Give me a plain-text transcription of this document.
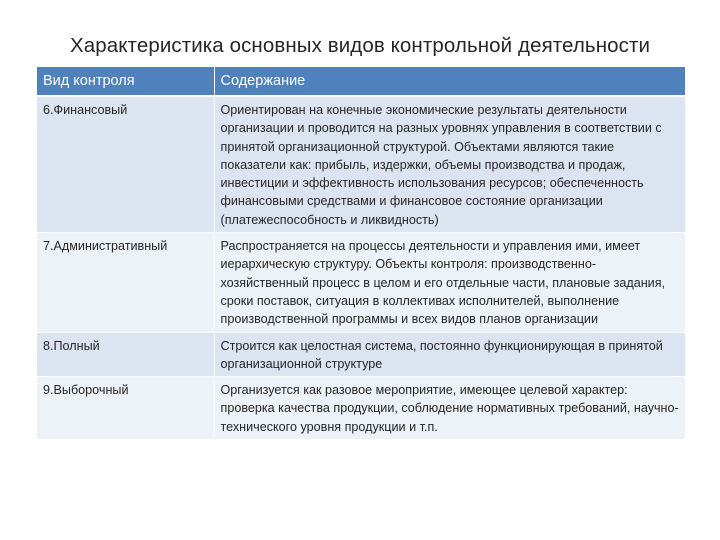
Характеристика основных видов контрольной деятельности
Вид контроля	Содержание
6.Финансовый	Ориентирован на конечные экономические результаты деятельности организации и проводится на разных уровнях управления в соответствии с принятой организационной структурой. Объектами являются такие показатели как: прибыль, издержки, объемы производства и продаж, инвестиции и эффективность использования ресурсов; обеспеченность финансовыми средствами и финансовое состояние организации (платежеспособность и ликвидность)
7.Административный	Распространяется на процессы деятельности и управления ими, имеет иерархическую структуру. Объекты контроля: производственно-хозяйственный процесс в целом и его отдельные части, плановые задания, сроки поставок, ситуация в коллективах исполнителей, выполнение производственной программы и всех видов планов организации
8.Полный	Строится как целостная система, постоянно функционирующая в принятой организационной структуре
9.Выборочный	Организуется как разовое мероприятие, имеющее целевой характер: проверка качества продукции, соблюдение нормативных требований, научно-технического уровня продукции и т.п.
